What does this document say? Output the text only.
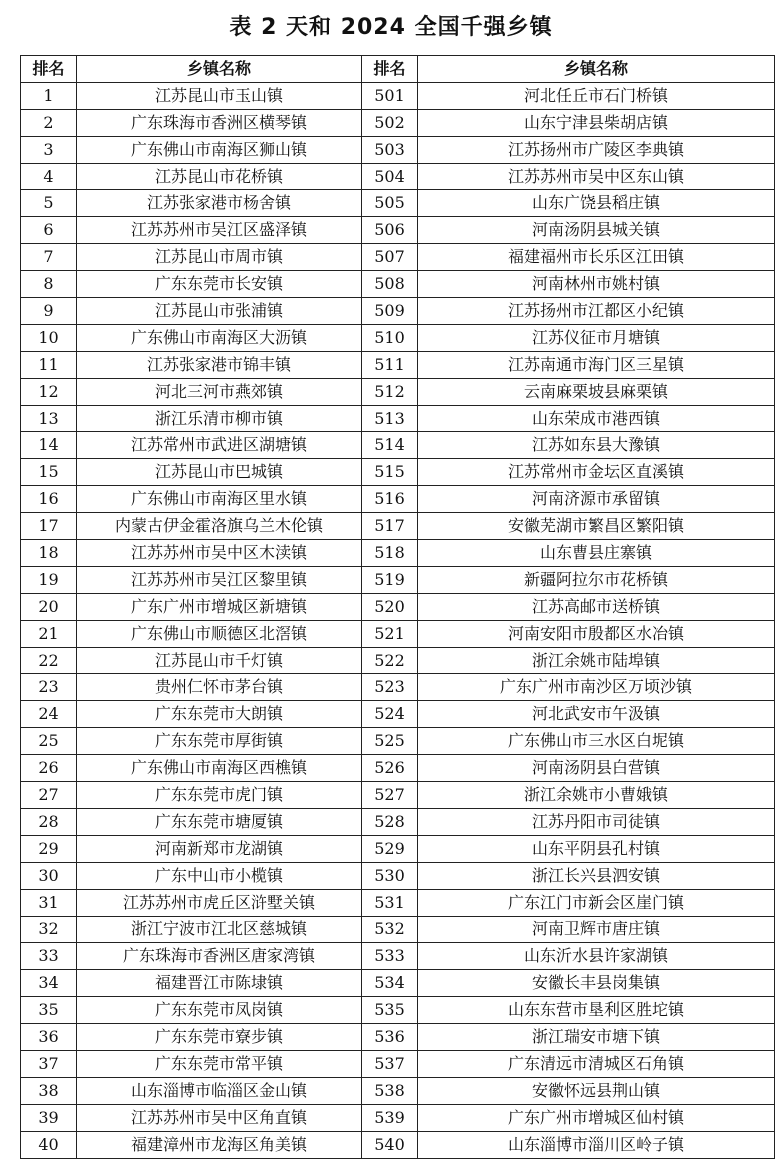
表 2 天和 2024 全国千强乡镇
排名	乡镇名称	排名	乡镇名称
1	江苏昆山市玉山镇	501	河北任丘市石门桥镇
2	广东珠海市香洲区横琴镇	502	山东宁津县柴胡店镇
3	广东佛山市南海区狮山镇	503	江苏扬州市广陵区李典镇
4	江苏昆山市花桥镇	504	江苏苏州市吴中区东山镇
5	江苏张家港市杨舍镇	505	山东广饶县稻庄镇
6	江苏苏州市吴江区盛泽镇	506	河南汤阴县城关镇
7	江苏昆山市周市镇	507	福建福州市长乐区江田镇
8	广东东莞市长安镇	508	河南林州市姚村镇
9	江苏昆山市张浦镇	509	江苏扬州市江都区小纪镇
10	广东佛山市南海区大沥镇	510	江苏仪征市月塘镇
11	江苏张家港市锦丰镇	511	江苏南通市海门区三星镇
12	河北三河市燕郊镇	512	云南麻栗坡县麻栗镇
13	浙江乐清市柳市镇	513	山东荣成市港西镇
14	江苏常州市武进区湖塘镇	514	江苏如东县大豫镇
15	江苏昆山市巴城镇	515	江苏常州市金坛区直溪镇
16	广东佛山市南海区里水镇	516	河南济源市承留镇
17	内蒙古伊金霍洛旗乌兰木伦镇	517	安徽芜湖市繁昌区繁阳镇
18	江苏苏州市吴中区木渎镇	518	山东曹县庄寨镇
19	江苏苏州市吴江区黎里镇	519	新疆阿拉尔市花桥镇
20	广东广州市增城区新塘镇	520	江苏高邮市送桥镇
21	广东佛山市顺德区北滘镇	521	河南安阳市殷都区水冶镇
22	江苏昆山市千灯镇	522	浙江余姚市陆埠镇
23	贵州仁怀市茅台镇	523	广东广州市南沙区万顷沙镇
24	广东东莞市大朗镇	524	河北武安市午汲镇
25	广东东莞市厚街镇	525	广东佛山市三水区白坭镇
26	广东佛山市南海区西樵镇	526	河南汤阴县白营镇
27	广东东莞市虎门镇	527	浙江余姚市小曹娥镇
28	广东东莞市塘厦镇	528	江苏丹阳市司徒镇
29	河南新郑市龙湖镇	529	山东平阴县孔村镇
30	广东中山市小榄镇	530	浙江长兴县泗安镇
31	江苏苏州市虎丘区浒墅关镇	531	广东江门市新会区崖门镇
32	浙江宁波市江北区慈城镇	532	河南卫辉市唐庄镇
33	广东珠海市香洲区唐家湾镇	533	山东沂水县许家湖镇
34	福建晋江市陈埭镇	534	安徽长丰县岗集镇
35	广东东莞市凤岗镇	535	山东东营市垦利区胜坨镇
36	广东东莞市寮步镇	536	浙江瑞安市塘下镇
37	广东东莞市常平镇	537	广东清远市清城区石角镇
38	山东淄博市临淄区金山镇	538	安徽怀远县荆山镇
39	江苏苏州市吴中区角直镇	539	广东广州市增城区仙村镇
40	福建漳州市龙海区角美镇	540	山东淄博市淄川区岭子镇
